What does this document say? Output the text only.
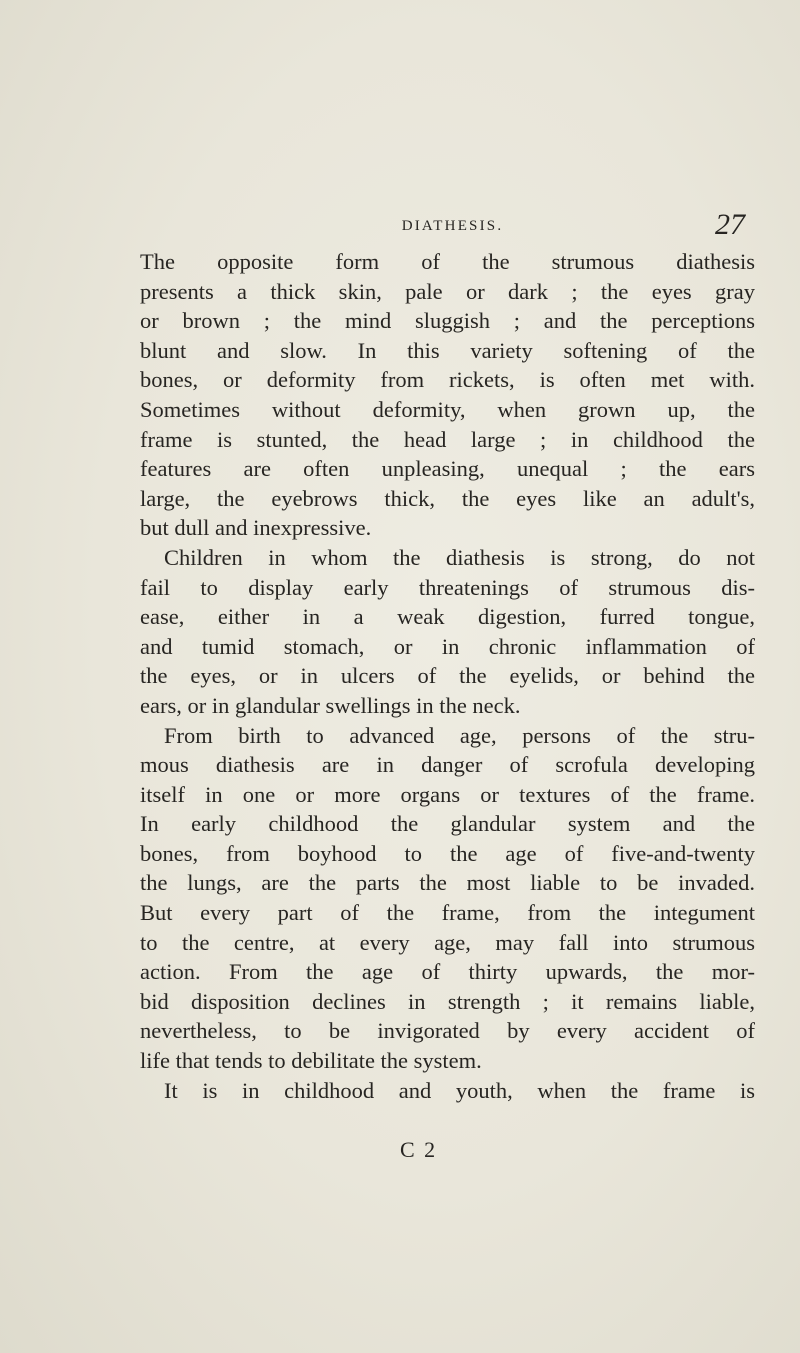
DIATHESIS.	27
The opposite form of the strumous diathesis
presents a thick skin, pale or dark ; the eyes gray
or brown ; the mind sluggish ; and the perceptions
blunt and slow. In this variety softening of the
bones, or deformity from rickets, is often met with.
Sometimes without deformity, when grown up, the
frame is stunted, the head large ; in childhood the
features are often unpleasing, unequal ; the ears
large, the eyebrows thick, the eyes like an adult's,
but dull and inexpressive.
Children in whom the diathesis is strong, do not
fail to display early threatenings of strumous dis-
ease, either in a weak digestion, furred tongue,
and tumid stomach, or in chronic inflammation of
the eyes, or in ulcers of the eyelids, or behind the
ears, or in glandular swellings in the neck.
From birth to advanced age, persons of the stru-
mous diathesis are in danger of scrofula developing
itself in one or more organs or textures of the frame.
In early childhood the glandular system and the
bones, from boyhood to the age of five-and-twenty
the lungs, are the parts the most liable to be invaded.
But every part of the frame, from the integument
to the centre, at every age, may fall into strumous
action. From the age of thirty upwards, the mor-
bid disposition declines in strength ; it remains liable,
nevertheless, to be invigorated by every accident of
life that tends to debilitate the system.
It is in childhood and youth, when the frame is
C 2
